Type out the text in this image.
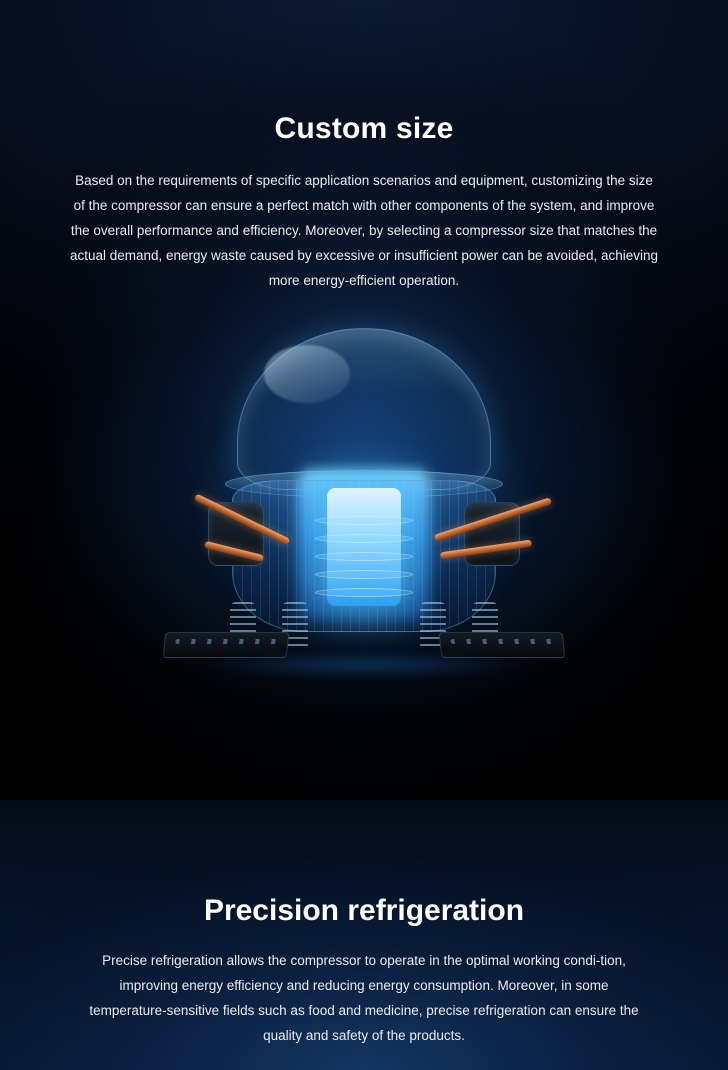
Custom size

Based on the requirements of specific application scenarios and equipment, customizing the size of the compressor can ensure a perfect match with other components of the system, and improve the overall performance and efficiency. Moreover, by selecting a compressor size that matches the actual demand, energy waste caused by excessive or insufficient power can be avoided, achieving more energy-efficient operation.

Precision refrigeration

Precise refrigeration allows the compressor to operate in the optimal working condi-tion, improving energy efficiency and reducing energy consumption. Moreover, in some temperature-sensitive fields such as food and medicine, precise refrigeration can ensure the quality and safety of the products.
